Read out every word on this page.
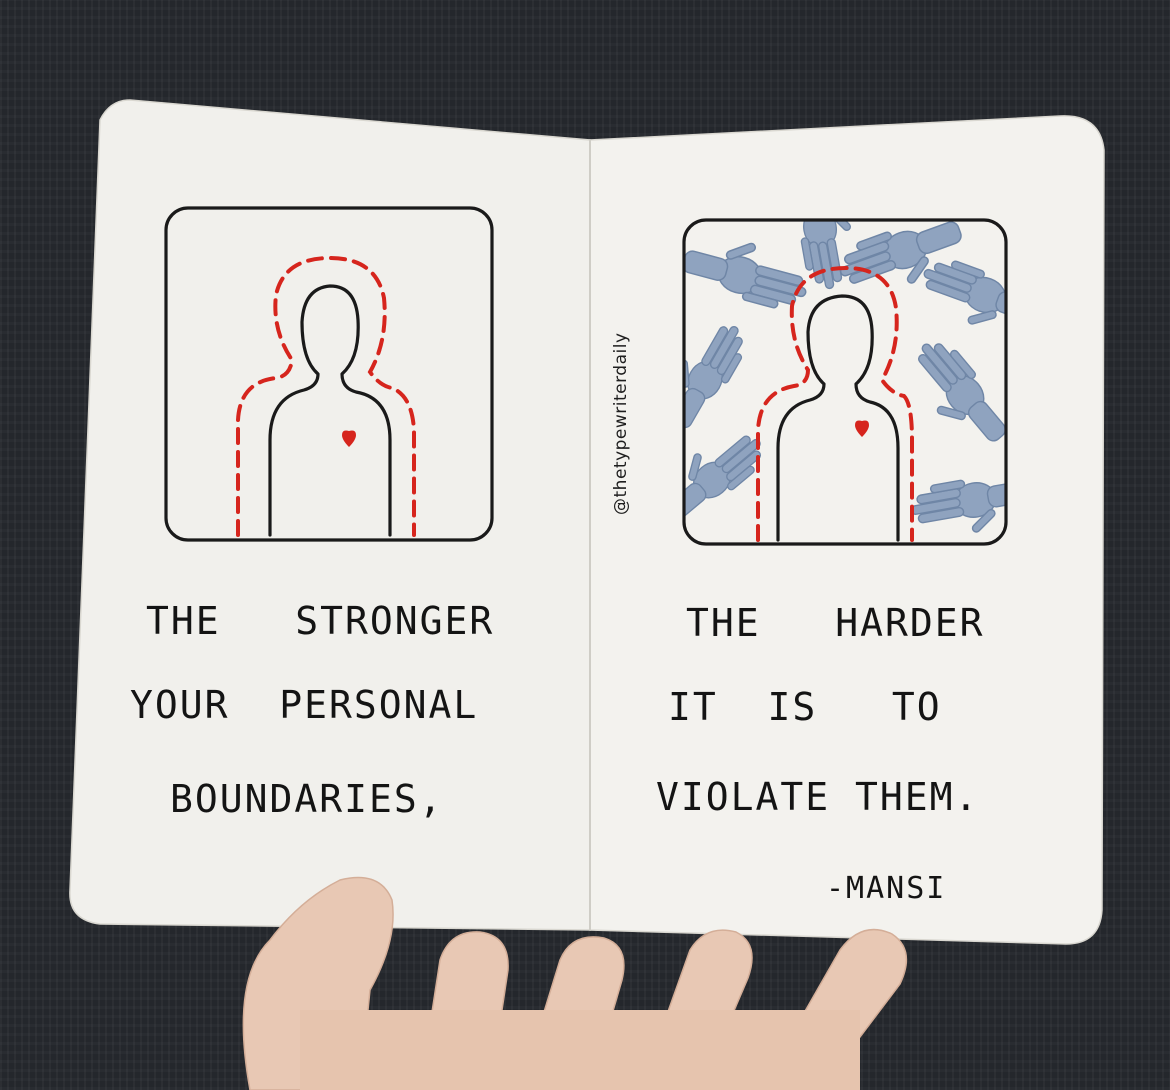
@thetypewriterdaily
THE   STRONGER
YOUR  PERSONAL
BOUNDARIES,
THE   HARDER
IT  IS   TO
VIOLATE THEM.
-MANSI
